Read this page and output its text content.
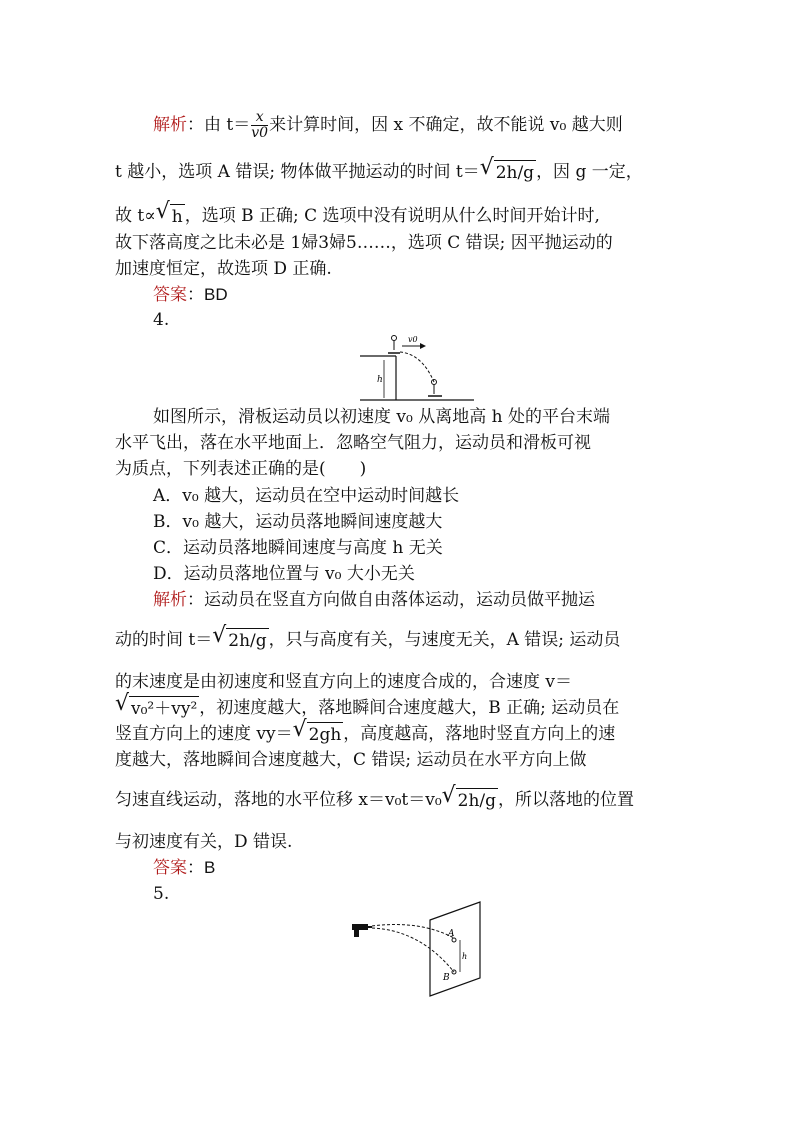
解析：由 $t= \frac{x}{v0}$ 来计算时间，因 x 不确定，故不能说 v₀ 越大则
t 越小，选项 A 错误; 物体做平抛运动的时间 t＝ √ 2h/g ，因 g 一定，
故 t∝ √ h ，选项 B 正确; C 选项中没有说明从什么时间开始计时,
故下落高度之比未必是 1婦3婦5……，选项 C 错误; 因平抛运动的
加速度恒定，故选项 D 正确.
答案：BD
4.
h
v0
如图所示，滑板运动员以初速度 v₀ 从离地高 h 处的平台末端
水平飞出，落在水平地面上．忽略空气阻力，运动员和滑板可视
为质点，下列表述正确的是(　　)
A．v₀ 越大，运动员在空中运动时间越长
B．v₀ 越大，运动员落地瞬间速度越大
C．运动员落地瞬间速度与高度 h 无关
D．运动员落地位置与 v₀ 大小无关
解析：运动员在竖直方向做自由落体运动，运动员做平抛运
动的时间 t＝ √ 2h/g ，只与高度有关，与速度无关，A 错误; 运动员
的末速度是由初速度和竖直方向上的速度合成的，合速度 v＝
√ v₀²＋vy² ，初速度越大，落地瞬间合速度越大，B 正确; 运动员在
竖直方向上的速度 vy＝ √ 2gh ，高度越高，落地时竖直方向上的速
度越大，落地瞬间合速度越大，C 错误; 运动员在水平方向上做
匀速直线运动，落地的水平位移 x＝v₀t＝v₀ √ 2h/g ，所以落地的位置
与初速度有关，D 错误.
答案：B
5.
A
B
h
